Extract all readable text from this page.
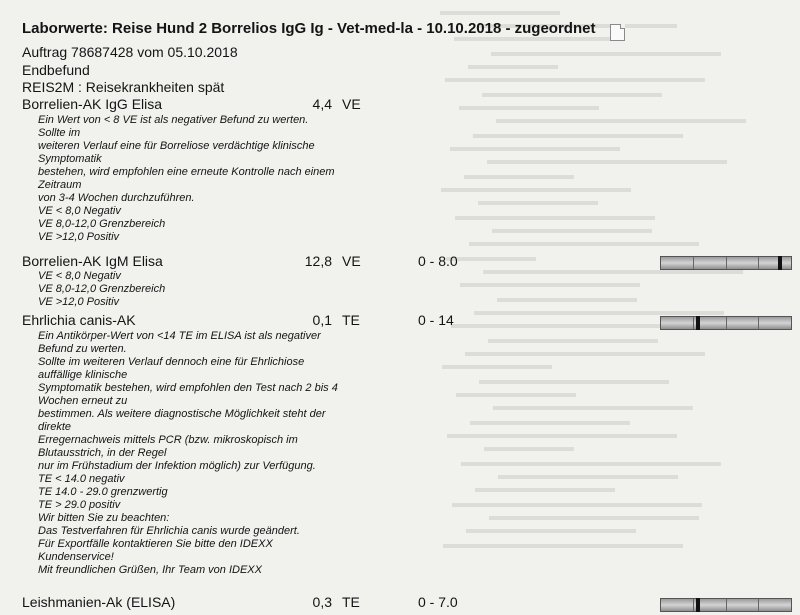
Laborwerte: Reise Hund 2 Borrelios IgG Ig - Vet-med-la - 10.10.2018 - zugeordnet
Auftrag 78687428 vom 05.10.2018
Endbefund
REIS2M : Reisekrankheiten spät
Borrelien-AK IgG Elisa	4,4 VE
Ein Wert von < 8 VE ist als negativer Befund zu werten.
Sollte im
weiteren Verlauf eine für Borreliose verdächtige klinische
Symptomatik
bestehen, wird empfohlen eine erneute Kontrolle nach einem
Zeitraum
von 3-4 Wochen durchzuführen.
VE < 8,0 Negativ
VE 8,0-12,0 Grenzbereich
VE >12,0 Positiv
Borrelien-AK IgM Elisa	12,8 VE	0 - 8.0
VE < 8,0 Negativ
VE 8,0-12,0 Grenzbereich
VE >12,0 Positiv
Ehrlichia canis-AK	0,1 TE	0 - 14
Ein Antikörper-Wert von <14 TE im ELISA ist als negativer
Befund zu werten.
Sollte im weiteren Verlauf dennoch eine für Ehrlichiose
auffällige klinische
Symptomatik bestehen, wird empfohlen den Test nach 2 bis 4
Wochen erneut zu
bestimmen. Als weitere diagnostische Möglichkeit steht der
direkte
Erregernachweis mittels PCR (bzw. mikroskopisch im
Blutausstrich, in der Regel
nur im Frühstadium der Infektion möglich) zur Verfügung.
TE < 14.0 negativ
TE 14.0 - 29.0 grenzwertig
TE > 29.0 positiv
Wir bitten Sie zu beachten:
Das Testverfahren für Ehrlichia canis wurde geändert.
Für Exportfälle kontaktieren Sie bitte den IDEXX
Kundenservice!
Mit freundlichen Grüßen, Ihr Team von IDEXX
Leishmanien-Ak (ELISA)	0,3 TE	0 - 7.0
